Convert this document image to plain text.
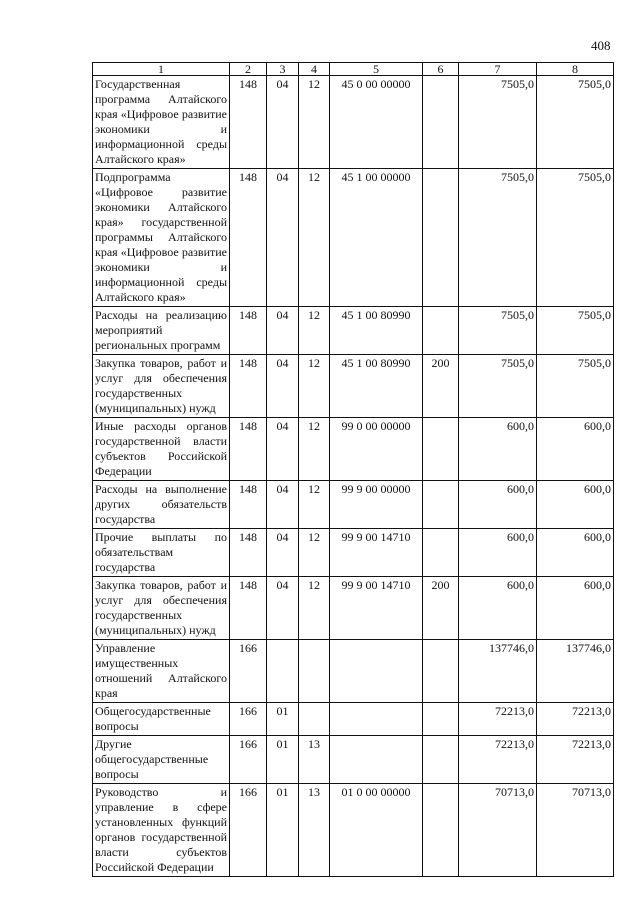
408
1	2	3	4	5	6	7	8
Государственная программа Алтайского края «Цифровое развитие экономики и информационной среды Алтайского края»	148	04	12	45 0 00 00000		7505,0	7505,0
Подпрограмма «Цифровое развитие экономики Алтайского края» государственной программы Алтайского края «Цифровое развитие экономики и информационной среды Алтайского края»	148	04	12	45 1 00 00000		7505,0	7505,0
Расходы на реализацию мероприятий региональных программ	148	04	12	45 1 00 80990		7505,0	7505,0
Закупка товаров, работ и услуг для обеспечения государственных (муниципальных) нужд	148	04	12	45 1 00 80990	200	7505,0	7505,0
Иные расходы органов государственной власти субъектов Российской Федерации	148	04	12	99 0 00 00000		600,0	600,0
Расходы на выполнение других обязательств государства	148	04	12	99 9 00 00000		600,0	600,0
Прочие выплаты по обязательствам государства	148	04	12	99 9 00 14710		600,0	600,0
Закупка товаров, работ и услуг для обеспечения государственных (муниципальных) нужд	148	04	12	99 9 00 14710	200	600,0	600,0
Управление имущественных отношений Алтайского края	166					137746,0	137746,0
Общегосударственные вопросы	166	01				72213,0	72213,0
Другие общегосударственные вопросы	166	01	13			72213,0	72213,0
Руководство и управление в сфере установленных функций органов государственной власти субъектов Российской Федерации	166	01	13	01 0 00 00000		70713,0	70713,0
